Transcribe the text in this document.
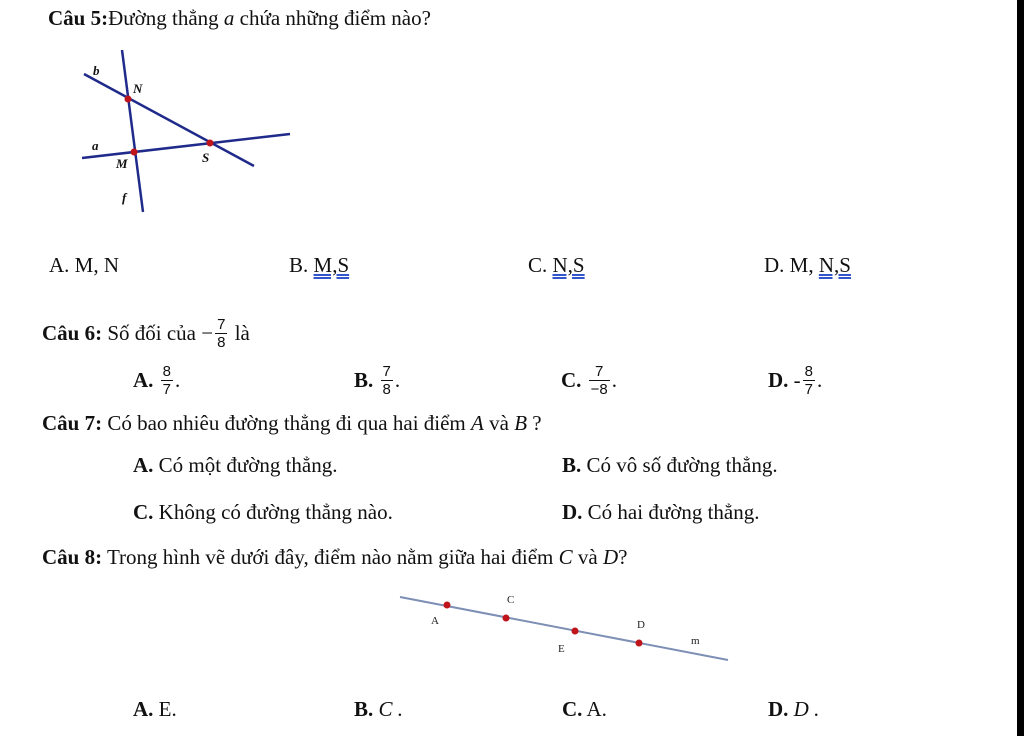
Câu 5:Đường thẳng a chứa những điểm nào?
b
N
a
M	S
f
A. M, N	B. M,S	C. N,S	D. M, N,S
Câu 6: Số đối của − $\frac{7}{8}$ là
A.
$\frac{8}{7}$ .	B.
$\frac{7}{8}$ .	C.
$\frac{7}{-8}$ .	D.
- $\frac{8}{7}$ .
Câu 7: Có bao nhiêu đường thẳng đi qua hai điểm A và B ?
A. Có một đường thẳng.	B. Có vô số đường thẳng.
C. Không có đường thẳng nào.	D. Có hai đường thẳng.
Câu 8: Trong hình vẽ dưới đây, điểm nào nằm giữa hai điểm C và D?
A
C
E
D
m
A. E.	B. C .	C. A.	D. D .
